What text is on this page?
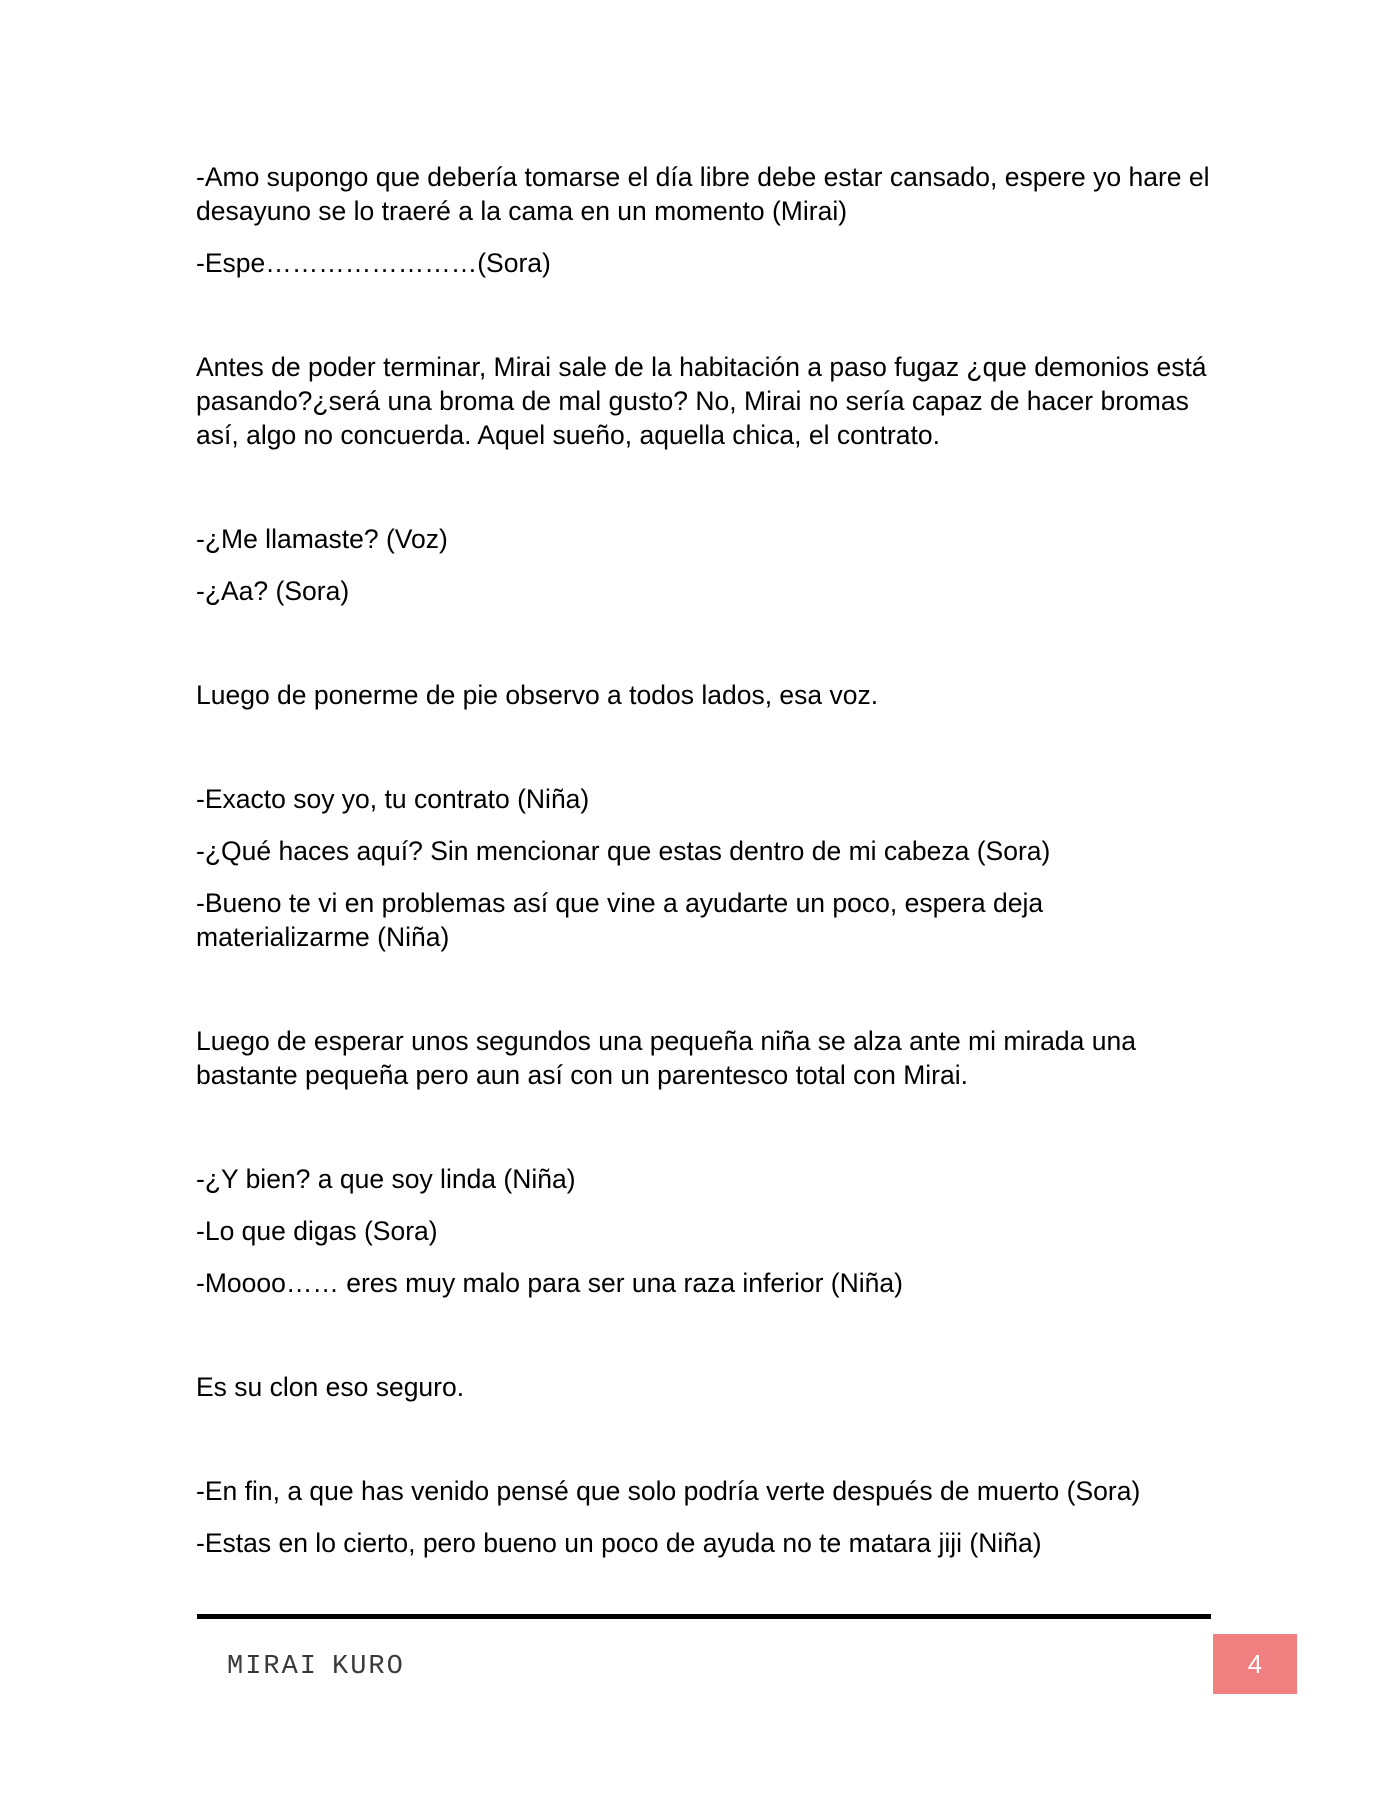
-Amo supongo que debería tomarse el día libre debe estar cansado, espere yo hare el desayuno se lo traeré a la cama en un momento (Mirai)

-Espe……………………(Sora)

Antes de poder terminar, Mirai sale de la habitación a paso fugaz ¿que demonios está pasando?¿será una broma de mal gusto? No, Mirai no sería capaz de hacer bromas así, algo no concuerda. Aquel sueño, aquella chica, el contrato.

-¿Me llamaste? (Voz)

-¿Aa? (Sora)

Luego de ponerme de pie observo a todos lados, esa voz.

-Exacto soy yo, tu contrato (Niña)

-¿Qué haces aquí? Sin mencionar que estas dentro de mi cabeza (Sora)

-Bueno te vi en problemas así que vine a ayudarte un poco, espera deja materializarme (Niña)

Luego de esperar unos segundos una pequeña niña se alza ante mi mirada una bastante pequeña pero aun así con un parentesco total con Mirai.

-¿Y bien? a que soy linda (Niña)

-Lo que digas (Sora)

-Moooo…… eres muy malo para ser una raza inferior (Niña)

Es su clon eso seguro.

-En fin, a que has venido pensé que solo podría verte después de muerto (Sora)

-Estas en lo cierto, pero bueno un poco de ayuda no te matara jiji (Niña)

MIRAI KURO	4
